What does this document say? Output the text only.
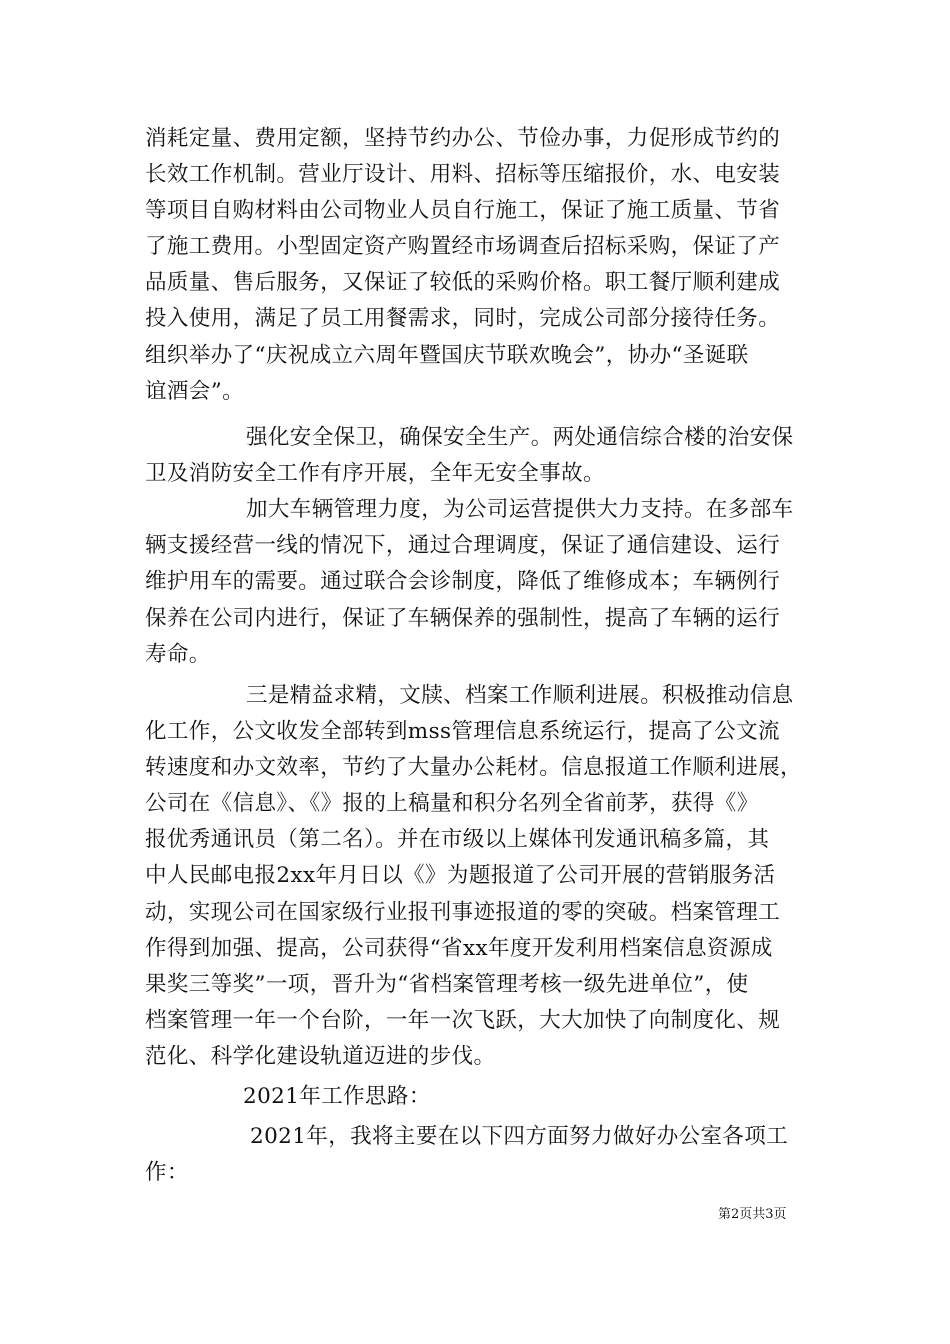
消耗定量、费用定额，坚持节约办公、节俭办事，力促形成节约的
长效工作机制。营业厅设计、用料、招标等压缩报价，水、电安装
等项目自购材料由公司物业人员自行施工，保证了施工质量、节省
了施工费用。小型固定资产购置经市场调查后招标采购，保证了产
品质量、售后服务，又保证了较低的采购价格。职工餐厅顺利建成
投入使用，满足了员工用餐需求，同时，完成公司部分接待任务。
组织举办了“庆祝成立六周年暨国庆节联欢晚会”，协办“圣诞联
谊酒会”。
强化安全保卫，确保安全生产。两处通信综合楼的治安保
卫及消防安全工作有序开展，全年无安全事故。
加大车辆管理力度，为公司运营提供大力支持。在多部车
辆支援经营一线的情况下，通过合理调度，保证了通信建设、运行
维护用车的需要。通过联合会诊制度，降低了维修成本；车辆例行
保养在公司内进行，保证了车辆保养的强制性，提高了车辆的运行
寿命。
三是精益求精，文牍、档案工作顺利进展。积极推动信息
化工作，公文收发全部转到mss管理信息系统运行，提高了公文流
转速度和办文效率，节约了大量办公耗材。信息报道工作顺利进展，
公司在《信息》、《》报的上稿量和积分名列全省前茅，获得《》
报优秀通讯员（第二名）。并在市级以上媒体刊发通讯稿多篇，其
中人民邮电报2xx年月日以《》为题报道了公司开展的营销服务活
动，实现公司在国家级行业报刊事迹报道的零的突破。档案管理工
作得到加强、提高，公司获得“省xx年度开发利用档案信息资源成
果奖三等奖”一项，晋升为“省档案管理考核一级先进单位”，使
档案管理一年一个台阶，一年一次飞跃，大大加快了向制度化、规
范化、科学化建设轨道迈进的步伐。
2021年工作思路：
2021年，我将主要在以下四方面努力做好办公室各项工
作：
第2页共3页
